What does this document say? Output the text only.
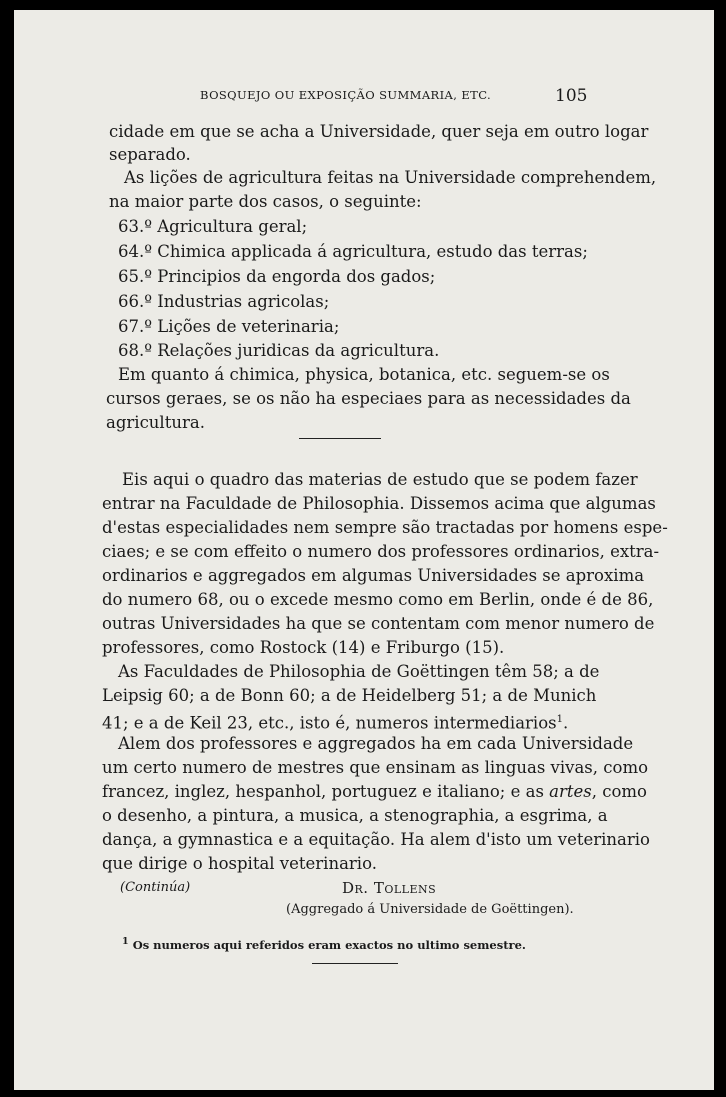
BOSQUEJO OU EXPOSIÇÃO SUMMARIA, ETC.	105
cidade em que se acha a Universidade, quer seja em outro logar
separado.
As lições de agricultura feitas na Universidade comprehendem,
na maior parte dos casos, o seguinte:
63.º Agricultura geral;
64.º Chimica applicada á agricultura, estudo das terras;
65.º Principios da engorda dos gados;
66.º Industrias agricolas;
67.º Lições de veterinaria;
68.º Relações juridicas da agricultura.
Em quanto á chimica, physica, botanica, etc. seguem-se os
cursos geraes, se os não ha especiaes para as necessidades da
agricultura.
Eis aqui o quadro das materias de estudo que se podem fazer
entrar na Faculdade de Philosophia. Dissemos acima que algumas
d'estas especialidades nem sempre são tractadas por homens espe-
ciaes; e se com effeito o numero dos professores ordinarios, extra-
ordinarios e aggregados em algumas Universidades se aproxima
do numero 68, ou o excede mesmo como em Berlin, onde é de 86,
outras Universidades ha que se contentam com menor numero de
professores, como Rostock (14) e Friburgo (15).
As Faculdades de Philosophia de Goëttingen têm 58; a de
Leipsig 60; a de Bonn 60; a de Heidelberg 51; a de Munich
41; e a de Keil 23, etc., isto é, numeros intermediarios$^1$.
Alem dos professores e aggregados ha em cada Universidade
um certo numero de mestres que ensinam as linguas vivas, como
francez, inglez, hespanhol, portuguez e italiano; e as artes, como
o desenho, a pintura, a musica, a stenographia, a esgrima, a
dança, a gymnastica e a equitação. Ha alem d'isto um veterinario
que dirige o hospital veterinario.
(Continúa)	Dr. Tollens
(Aggregado á Universidade de Goëttingen).
$^1$ Os numeros aqui referidos eram exactos no ultimo semestre.
